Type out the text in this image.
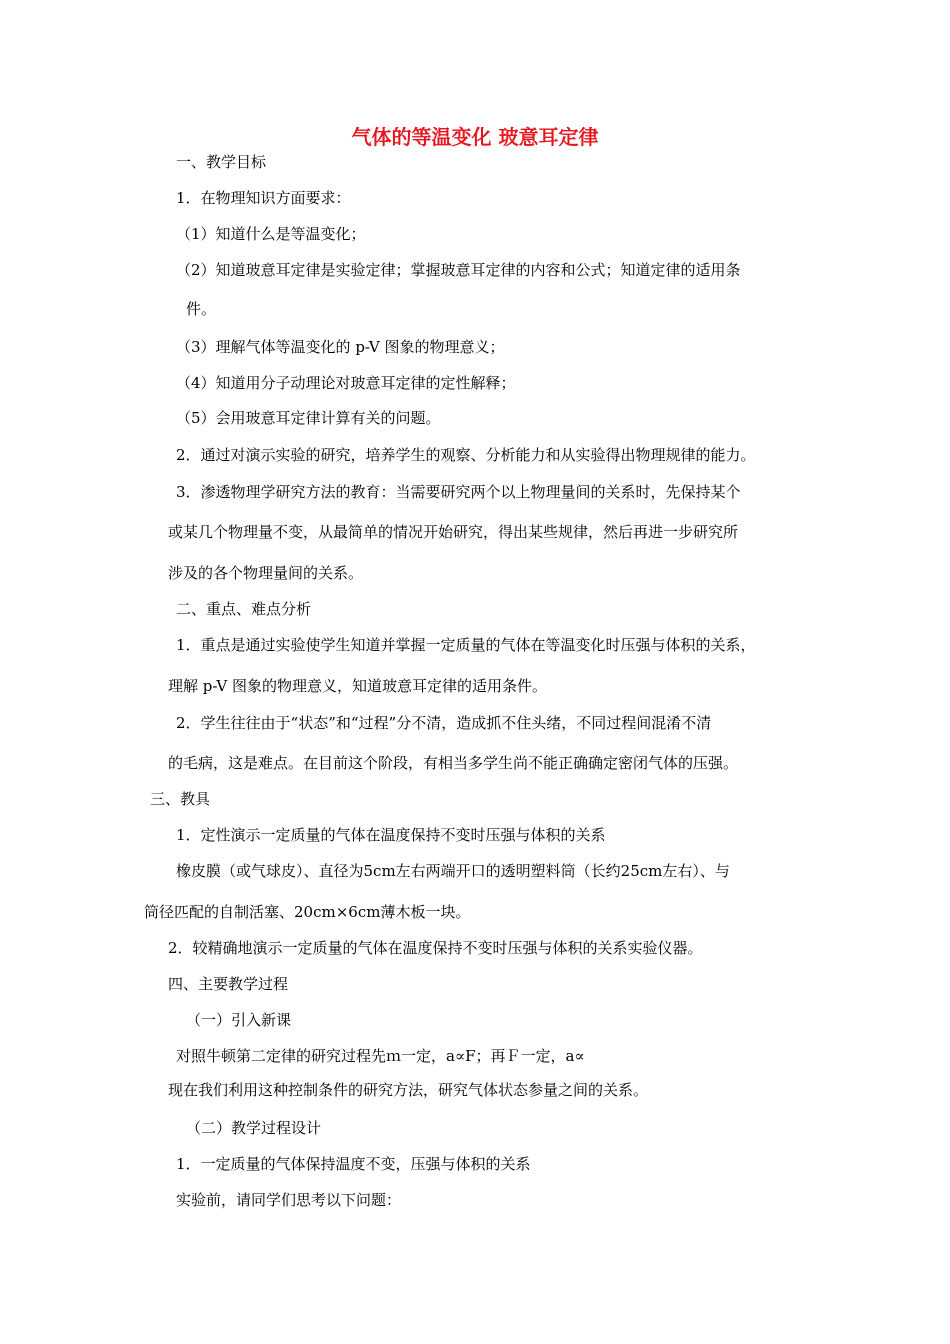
气体的等温变化 玻意耳定律
一、教学目标
1．在物理知识方面要求：
（1）知道什么是等温变化；
（2）知道玻意耳定律是实验定律；掌握玻意耳定律的内容和公式；知道定律的适用条
件。
（3）理解气体等温变化的 p-V 图象的物理意义；
（4）知道用分子动理论对玻意耳定律的定性解释；
（5）会用玻意耳定律计算有关的问题。
2．通过对演示实验的研究，培养学生的观察、分析能力和从实验得出物理规律的能力。
3．渗透物理学研究方法的教育：当需要研究两个以上物理量间的关系时，先保持某个
或某几个物理量不变，从最简单的情况开始研究，得出某些规律，然后再进一步研究所
涉及的各个物理量间的关系。
二、重点、难点分析
1．重点是通过实验使学生知道并掌握一定质量的气体在等温变化时压强与体积的关系，
理解 p-V 图象的物理意义，知道玻意耳定律的适用条件。
2．学生往往由于“状态”和“过程”分不清，造成抓不住头绪，不同过程间混淆不清
的毛病，这是难点。在目前这个阶段，有相当多学生尚不能正确确定密闭气体的压强。
三、教具
1．定性演示一定质量的气体在温度保持不变时压强与体积的关系
橡皮膜（或气球皮）、直径为5cm左右两端开口的透明塑料筒（长约25cm左右）、与
筒径匹配的自制活塞、20cm×6cm薄木板一块。
2．较精确地演示一定质量的气体在温度保持不变时压强与体积的关系实验仪器。
四、主要教学过程
（一）引入新课
对照牛顿第二定律的研究过程先ｍ一定，a∝F；再Ｆ一定，a∝
现在我们利用这种控制条件的研究方法，研究气体状态参量之间的关系。
（二）教学过程设计
1．一定质量的气体保持温度不变，压强与体积的关系
实验前，请同学们思考以下问题：
